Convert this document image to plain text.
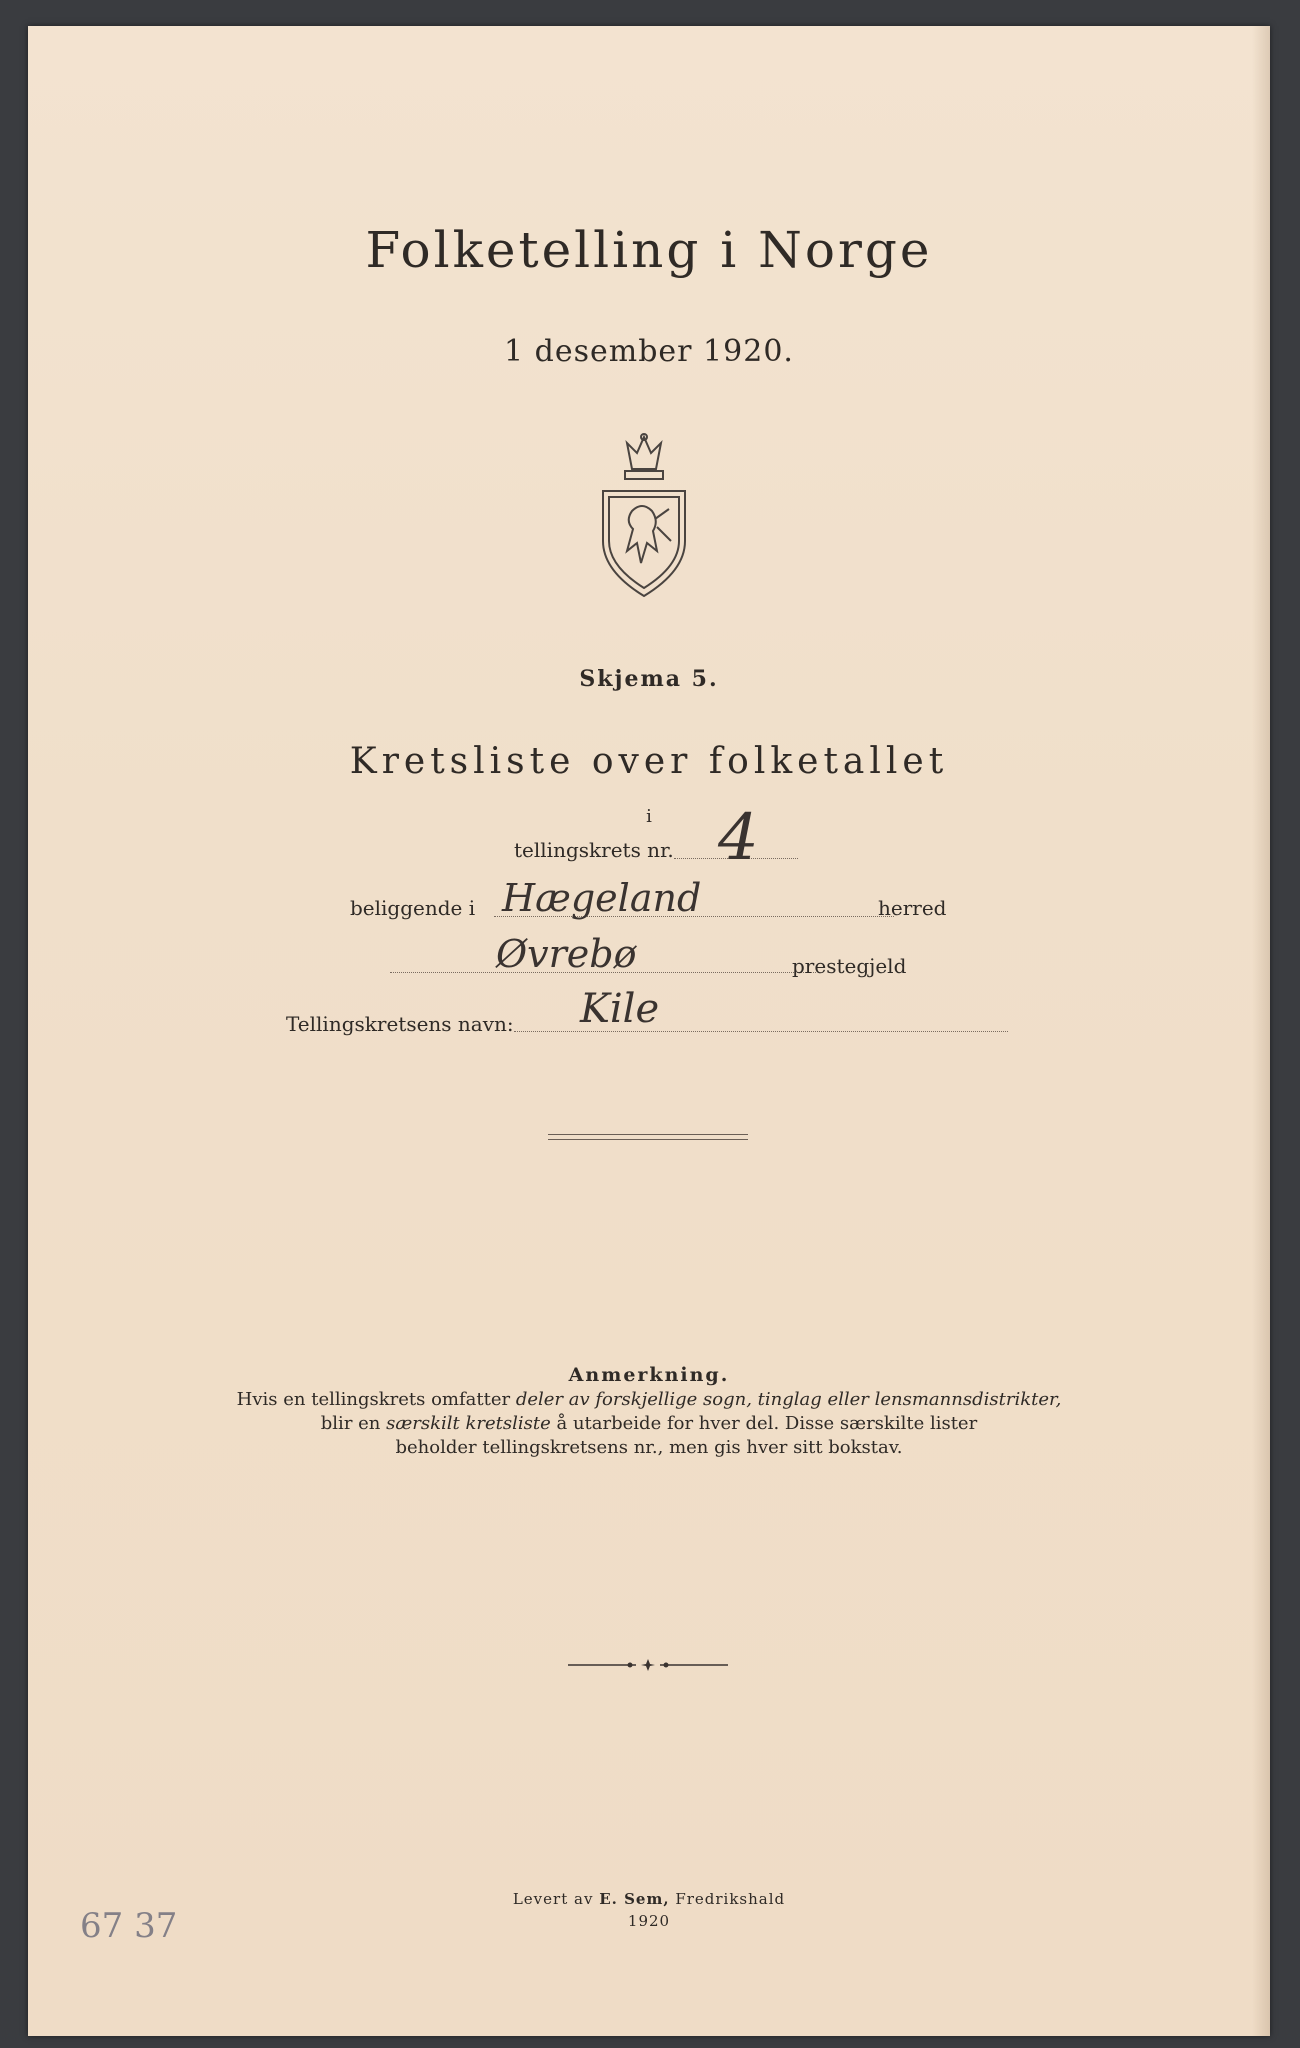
Folketelling i Norge
1 desember 1920.
Skjema 5.
Kretsliste over folketallet
i
tellingskrets nr. 4
beliggende i Hægeland	herred
Øvrebø	prestegjeld
Tellingskretsens navn: Kile
Anmerkning.
Hvis en tellingskrets omfatter deler av forskjellige sogn, tinglag eller lensmannsdistrikter,
blir en særskilt kretsliste å utarbeide for hver del. Disse særskilte lister
beholder tellingskretsens nr., men gis hver sitt bokstav.
Levert av E. Sem, Fredrikshald
1920
67 37
